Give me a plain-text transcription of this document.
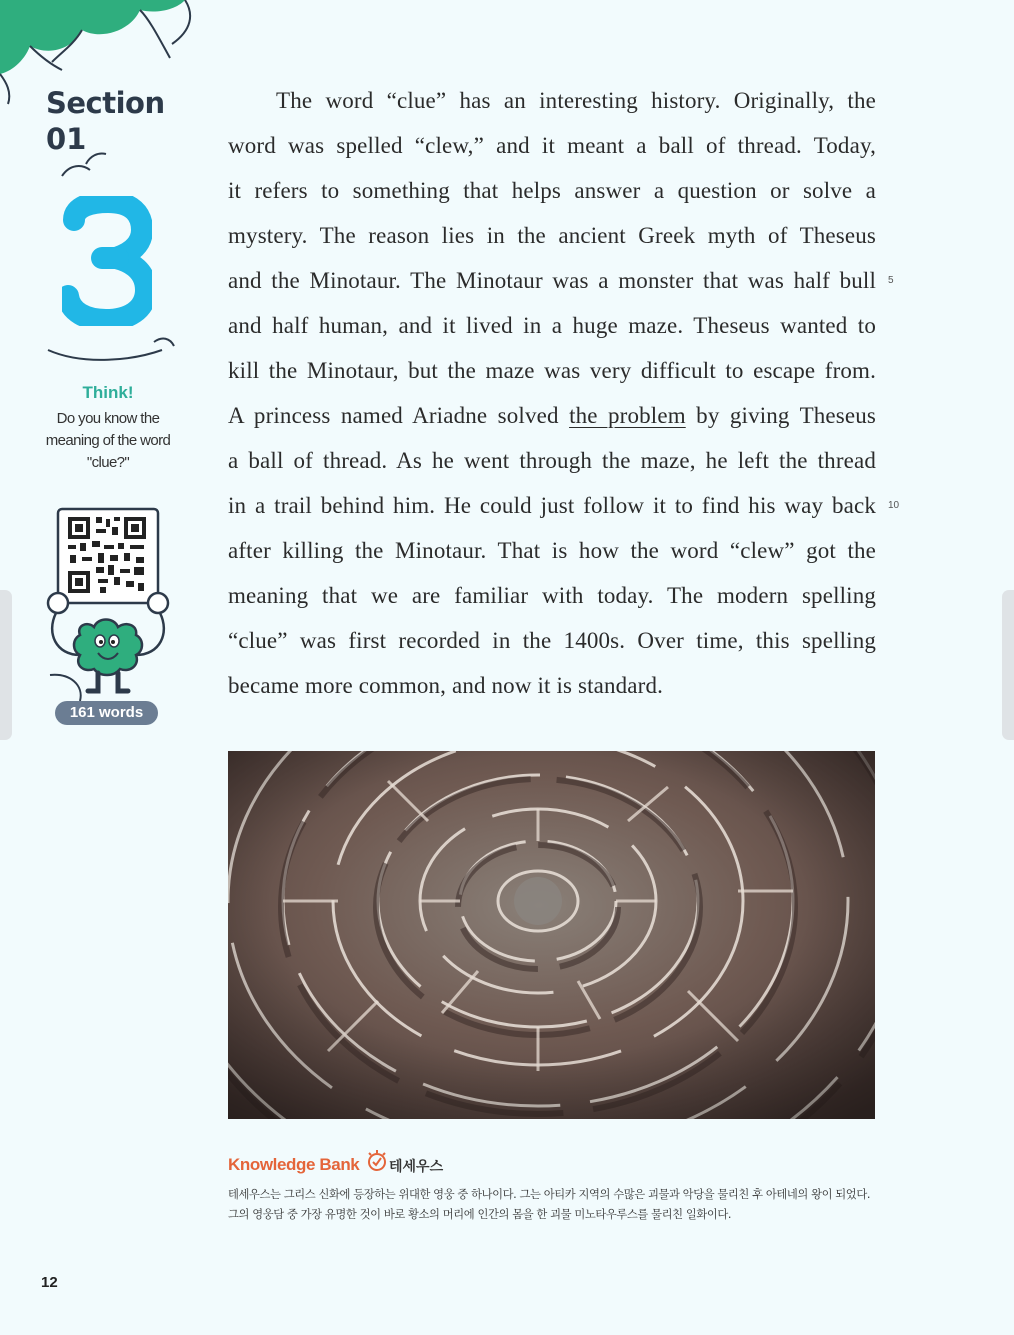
Section
01
Think!
Do you know the meaning of the word "clue?"
161 words
The word “clue” has an interesting history. Originally, the
word was spelled “clew,” and it meant a ball of thread. Today,
it refers to something that helps answer a question or solve a
mystery. The reason lies in the ancient Greek myth of Theseus
and the Minotaur. The Minotaur was a monster that was half bull
and half human, and it lived in a huge maze. Theseus wanted to
kill the Minotaur, but the maze was very difficult to escape from.
A princess named Ariadne solved the problem by giving Theseus
a ball of thread. As he went through the maze, he left the thread
in a trail behind him. He could just follow it to find his way back
after killing the Minotaur. That is how the word “clew” got the
meaning that we are familiar with today. The modern spelling
“clue” was first recorded in the 1400s. Over time, this spelling
became more common, and now it is standard.
5
10
Knowledge Bank 테세우스
테세우스는 그리스 신화에 등장하는 위대한 영웅 중 하나이다. 그는 아티카 지역의 수많은 괴물과 악당을 물리친 후 아테네의 왕이 되었다. 그의 영웅담 중 가장 유명한 것이 바로 황소의 머리에 인간의 몸을 한 괴물 미노타우루스를 물리친 일화이다.
12
